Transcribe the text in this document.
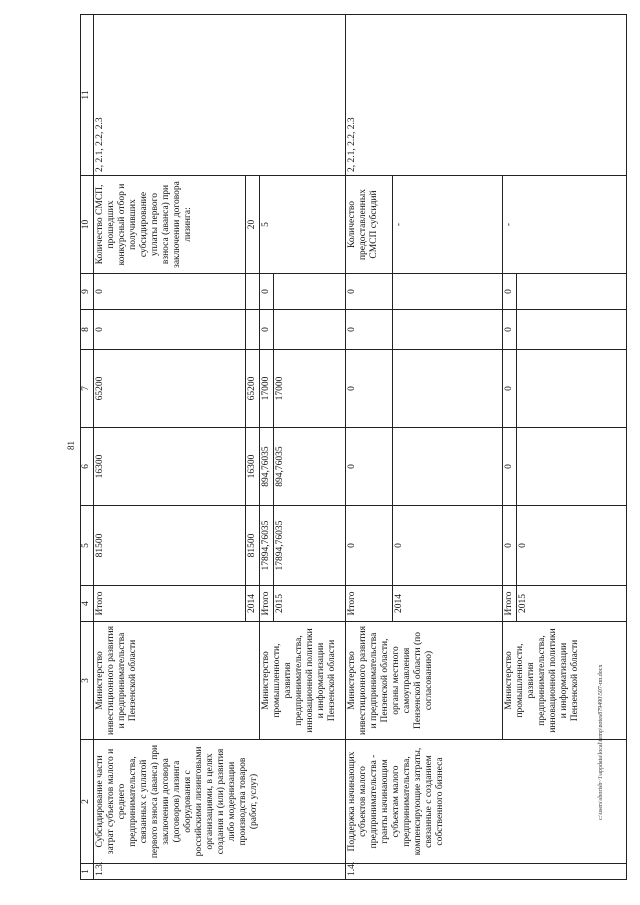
81
1	2	3	4	5	6	7	8	9	10	11
1.3.	Субсидирование части затрат субъектов малого и среднего предпринимательства, связанных с уплатой первого взноса (аванса) при заключении договора (договоров) лизинга оборудования с российскими лизинговыми организациями, в целях создания и (или) развития либо модернизации производства товаров (работ, услуг)	Министерство инвестиционного развития и предпринимательства Пензенской области	Итого	81500	16300	65200	0	0	Количество СМСП, прошедших конкурсный отбор и получивших субсидирование уплаты первого взноса (аванса) при заключении договора лизинга:	2, 2.1, 2.2, 2.3
			2014	81500	16300	65200			20	
		Министерство промышленности, развития предпринимательства, инновационной политики и информатизации Пензенской области	Итого	17894,76035	894,76035	17000	0	0	5	
			2015	17894,76035	894,76035	17000				
1.4.	Поддержка начинающих субъектов малого предпринимательства - гранты начинающим субъектам малого предпринимательства, компенсирующие затраты, связанные с созданием собственного бизнеса	Министерство инвестиционного развития и предпринимательства Пензенской области, органы местного самоуправления Пензенской области (по согласованию)	Итого	0	0	0	0	0	Количество предоставленных СМСП субсидий	2, 2.1, 2.2, 2.3
			2014	0					-	
		Министерство промышленности, развития предпринимательства, инновационной политики и информатизации Пензенской области	Итого	0	0	0	0	0	-	
			2015	0						
c:\users\sborisb~1\appdata\local\temp\notes879490\507-пп.docx
